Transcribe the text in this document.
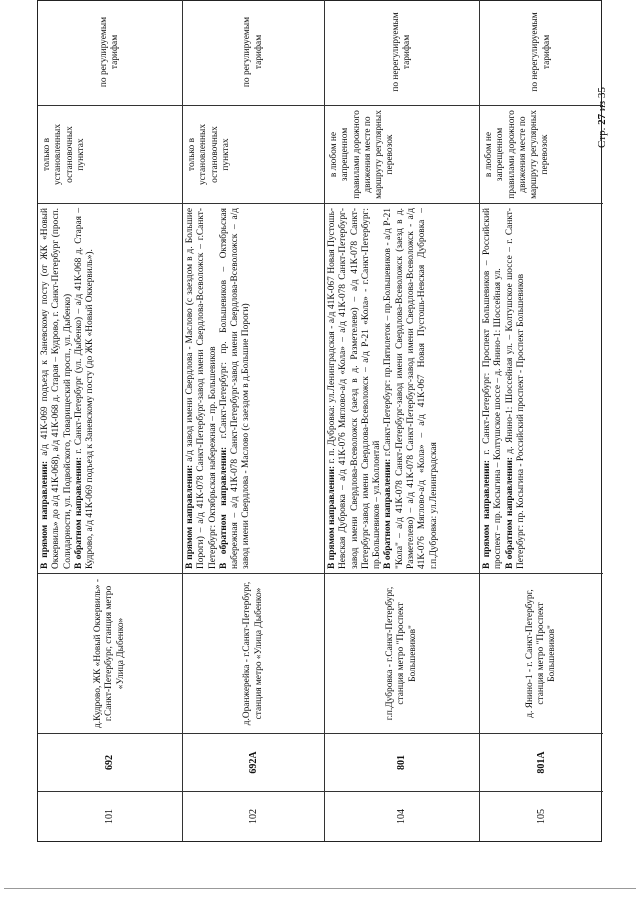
101
692
д.Кудрово, ЖК «Новый Оккервиль» - г.Санкт-Петербург, станция метро «Улица Дыбенко»
В прямом направлении: а/д 41К-069 подъезд к Заневскому посту (от ЖК «Новый Оккервиль» до а/д 41К-068), а/д 41К-068 д. Старая – Кудрово, г. Санкт-Петербург (просп. Солидарности, ул. Подвойского, Товарищеский просп., ул. Дыбенко) В обратном направлении: г. Санкт-Петербург (ул. Дыбенко) – а/д 41К-068 д. Старая – Кудрово, а/д 41К-069 подъезд к Заневскому посту (до ЖК «Новый Оккервиль»).
только в установленных остановочных пунктах
по регулируемым тарифам
102
692А
д.Оранжерейка - г.Санкт-Петербург, станция метро «Улица Дыбенко»
В прямом направлении: а/д завод имени Свердлова - Маслово (с заездом в д. Большие Пороги) – а/д 41К-078 Санкт-Петербург-завод имени Свердлова-Всеволожск – г.Санкт-Петербург: Октябрьская набережная – пр. Большевиков В обратном направлении: г.Санкт-Петербург: пр. Большевиков – Октябрьская набережная – а/д 41К-078 Санкт-Петербург-завод имени Свердлова-Всеволожск – а/д завод имени Свердлова - Маслово (с заездом в д.Большие Пороги)
только в установленных остановочных пунктах
по регулируемым тарифам
104
801
г.п.Дубровка - г.Санкт-Петербург, станция метро "Проспект Большевиков"
В прямом направлении: г. п. Дубровка: ул.Ленинградская - а/д 41К-067 Новая Пустошь-Невская Дубровка – а/д 41К-076 Мяглово-а/д «Кола» – а/д 41К-078 Санкт-Петербург-завод имени Свердлова-Всеволожск (заезд в д. Разметелево) – а/д 41К-078 Санкт-Петербург-завод имени Свердлова-Всеволожск – а/д Р-21 «Кола» - г.Санкт-Петербург: пр.Большевиков – ул.Коллонтай В обратном направлении: г.Санкт-Петербург: пр.Пятилеток – пр.Большевиков - а/д Р-21 "Кола" – а/д 41К-078 Санкт-Петербург-завод имени Свердлова-Всеволожск (заезд в д. Разметелево) – а/д 41К-078 Санкт-Петербург-завод имени Свердлова-Всеволожск - а/д 41К-076 Мяглово-а/д «Кола» – а/д 41К-067 Новая Пустошь-Невская Дубровка – г.п.Дубровка: ул.Ленинградская
в любом не запрещенном правилами дорожного движения месте по маршруту регулярных перевозок
по нерегулируемым тарифам
105
801А
д. Янино-1 - г. Санкт-Петербург, станция метро "Проспект Большевиков"
В прямом направлении: г. Санкт-Петербург: Проспект Большевиков – Российский проспект – пр. Косыгина – Колтушское шоссе – д. Янино-1: Шоссейная ул. В обратном направлении: д. Янино-1: Шоссейная ул. – Колтушское шоссе – г. Санкт-Петербург: пр. Косыгина - Российский проспект - Проспект Большевиков
в любом не запрещенном правилами дорожного движения месте по маршруту регулярных перевозок
по нерегулируемым тарифам
Стр. 27 из 35
